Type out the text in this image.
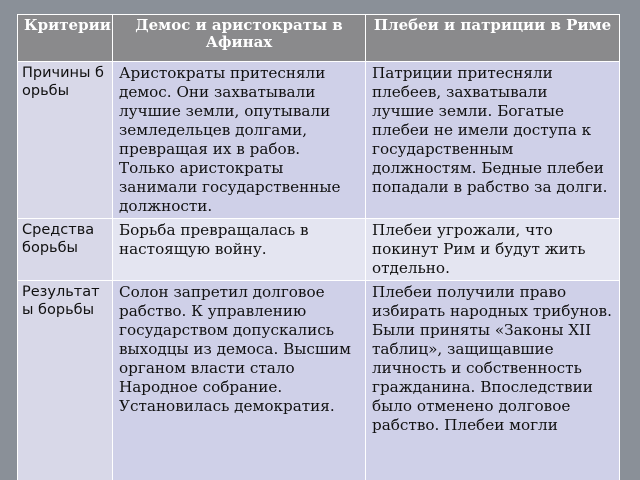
Критерии	Демос и аристократы в Афинах	Плебеи и патриции в Риме
Причины борьбы	Аристократы притесняли демос. Они захватывали лучшие земли, опутывали земледельцев долгами, превращая их в рабов. Только аристократы занимали государственные должности.	Патриции притесняли плебеев, захватывали лучшие земли. Богатые плебеи не имели доступа к государственным должностям. Бедные плебеи попадали в рабство за долги.
Средства борьбы	Борьба превращалась в настоящую войну.	Плебеи угрожали, что покинут Рим и будут жить отдельно.
Результаты борьбы	Солон запретил долговое рабство. К управлению государством допускались выходцы из демоса. Высшим органом власти стало Народное собрание. Установилась демократия.	Плебеи получили право избирать народных трибунов. Были приняты «Законы XII таблиц», защищавшие личность и собственность гражданина. Впоследствии было отменено долговое рабство. Плебеи могли
